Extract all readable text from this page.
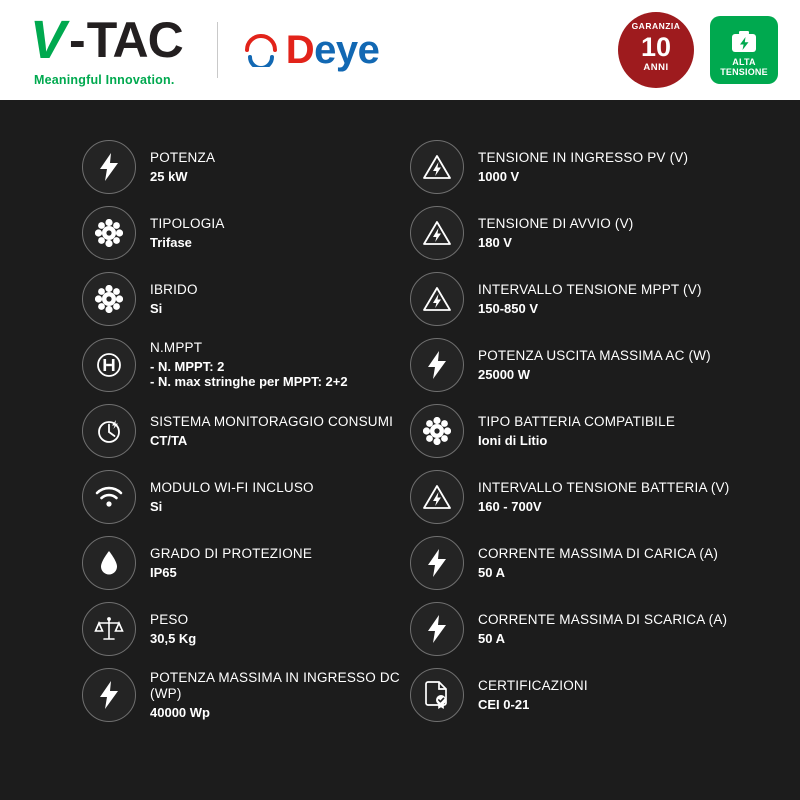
V - TAC
Meaningful Innovation.
Deye
GARANZIA
10
ANNI	ALTA
TENSIONE
POTENZA
25 kW
TIPOLOGIA
Trifase
IBRIDO
Si
N.MPPT
- N. MPPT: 2
- N. max stringhe per MPPT: 2+2
SISTEMA MONITORAGGIO CONSUMI
CT/TA
MODULO WI-FI INCLUSO
Si
GRADO DI PROTEZIONE
IP65
PESO
30,5 Kg
POTENZA MASSIMA IN INGRESSO DC (WP)
40000 Wp
TENSIONE IN INGRESSO PV (V)
1000 V
TENSIONE DI AVVIO (V)
180 V
INTERVALLO TENSIONE MPPT (V)
150-850 V
POTENZA USCITA MASSIMA AC (W)
25000 W
TIPO BATTERIA COMPATIBILE
Ioni di Litio
INTERVALLO TENSIONE BATTERIA (V)
160 - 700V
CORRENTE MASSIMA DI CARICA (A)
50 A
CORRENTE MASSIMA DI SCARICA (A)
50 A
CERTIFICAZIONI
CEI 0-21
